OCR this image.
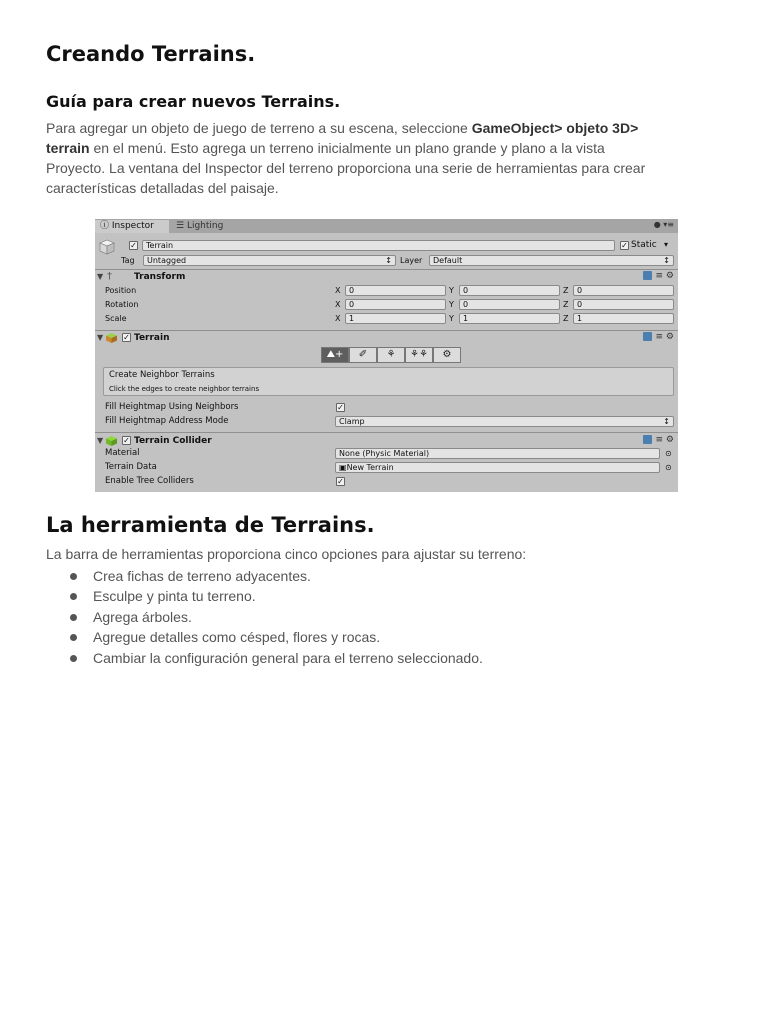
Creando Terrains.
Guía para crear nuevos Terrains.
Para agregar un objeto de juego de terreno a su escena, seleccione GameObject> objeto 3D>
terrain en el menú. Esto agrega un terreno inicialmente un plano grande y plano a la vista
Proyecto. La ventana del Inspector del terreno proporciona una serie de herramientas para crear
características detalladas del paisaje.
ⓘ Inspector	☰ Lighting	● ▾≡
✓	Terrain	✓ Static ▾
Tag	Untagged	↕ Layer	Default	↕
▼ † Transform	≡ ⚙
Position	X	0	Y	0	Z	0
Rotation	X	0	Y	0	Z	0
Scale	X	1	Y	1	Z	1
▼ ✓ Terrain	≡ ⚙
⛰+	✐	⚘	⚘⚘	⚙
Create Neighbor Terrains
Click the edges to create neighbor terrains
Fill Heightmap Using Neighbors	✓
Fill Heightmap Address Mode	Clamp	↕
▼ ✓ Terrain Collider	≡ ⚙
Material	None (Physic Material)	⊙
Terrain Data	▣New Terrain	⊙
Enable Tree Colliders	✓
La herramienta de Terrains.
La barra de herramientas proporciona cinco opciones para ajustar su terreno:
Crea fichas de terreno adyacentes.
Esculpe y pinta tu terreno.
Agrega árboles.
Agregue detalles como césped, flores y rocas.
Cambiar la configuración general para el terreno seleccionado.
